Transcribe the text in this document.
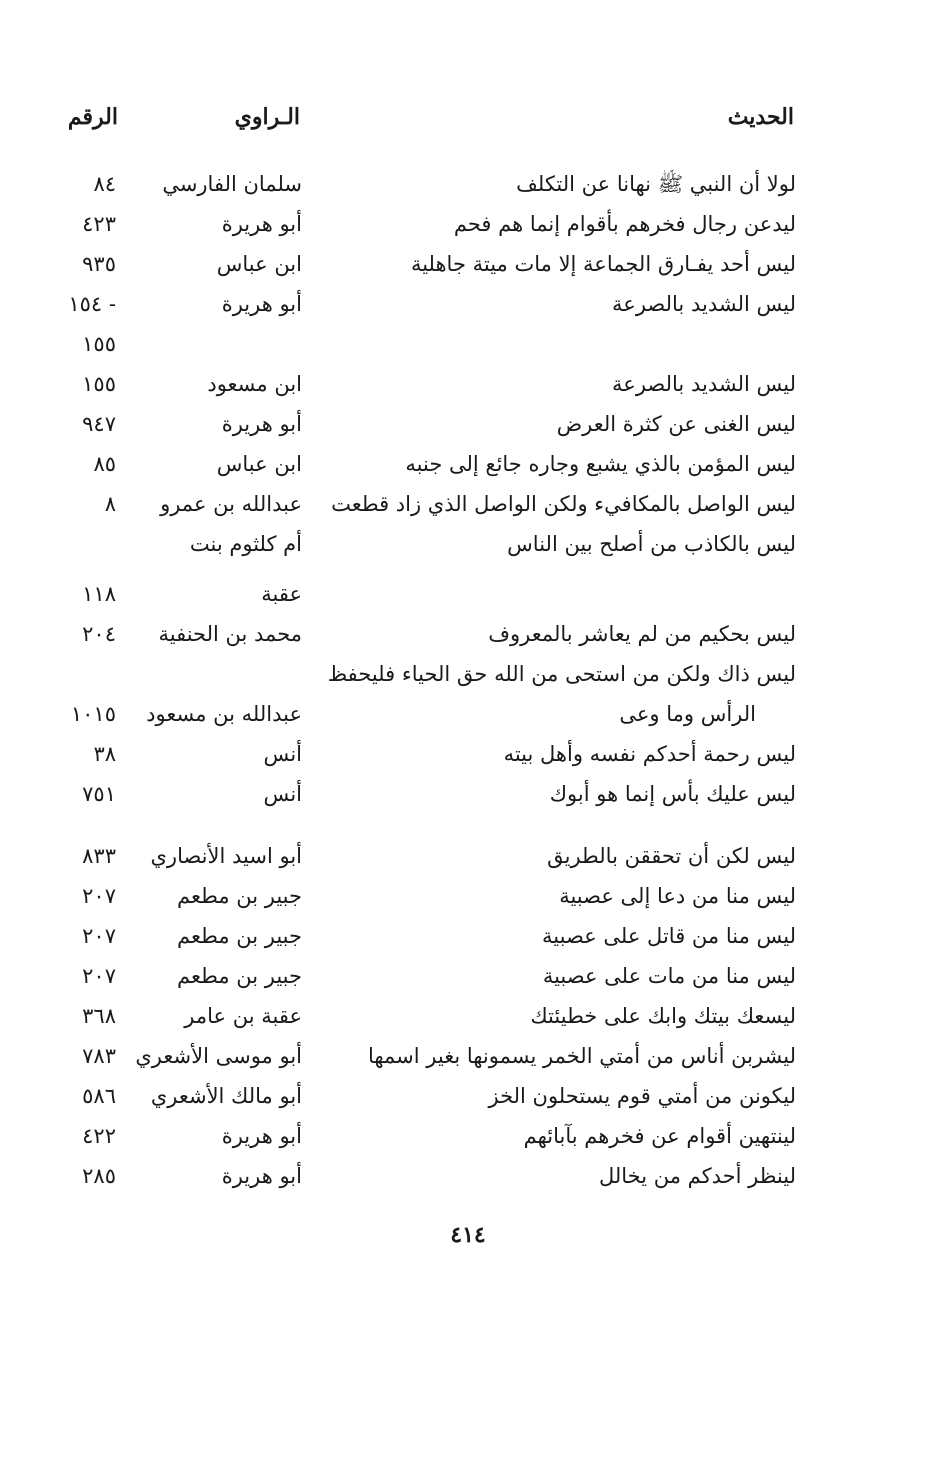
الحديث
الـراوي
الرقم
لولا أن النبي ﷺ نهانا عن التكلف
سلمان الفارسي
٨٤
ليدعن رجال فخرهم بأقوام إنما هم فحم
أبو هريرة
٤٢٣
ليس أحد يفـارق الجماعة إلا مات ميتة جاهلية
ابن عباس
٩٣٥
ليس الشديد بالصرعة
أبو هريرة
- ١٥٤
١٥٥
ليس الشديد بالصرعة
ابن مسعود
١٥٥
ليس الغنى عن كثرة العرض
أبو هريرة
٩٤٧
ليس المؤمن بالذي يشبع وجاره جائع إلى جنبه
ابن عباس
٨٥
ليس الواصل بالمكافيء ولكن الواصل الذي زاد قطعت
عبدالله بن عمرو
٨
ليس بالكاذب من أصلح بين الناس
أم كلثوم بنت
عقبة
١١٨
ليس بحكيم من لم يعاشر بالمعروف
محمد بن الحنفية
٢٠٤
ليس ذاك ولكن من استحى من الله حق الحياء فليحفظ
الرأس وما وعى
عبدالله بن مسعود
١٠١٥
ليس رحمة أحدكم نفسه وأهل بيته
أنس
٣٨
ليس عليك بأس إنما هو أبوك
أنس
٧٥١
ليس لكن أن تحققن بالطريق
أبو اسيد الأنصاري
٨٣٣
ليس منا من دعا إلى عصبية
جبير بن مطعم
٢٠٧
ليس منا من قاتل على عصبية
جبير بن مطعم
٢٠٧
ليس منا من مات على عصبية
جبير بن مطعم
٢٠٧
ليسعك بيتك وابك على خطيئتك
عقبة بن عامر
٣٦٨
ليشربن أناس من أمتي الخمر يسمونها بغير اسمها
أبو موسى الأشعري
٧٨٣
ليكونن من أمتي قوم يستحلون الخز
أبو مالك الأشعري
٥٨٦
لينتهين أقوام عن فخرهم بآبائهم
أبو هريرة
٤٢٢
لينظر أحدكم من يخالل
أبو هريرة
٢٨٥
٤١٤
